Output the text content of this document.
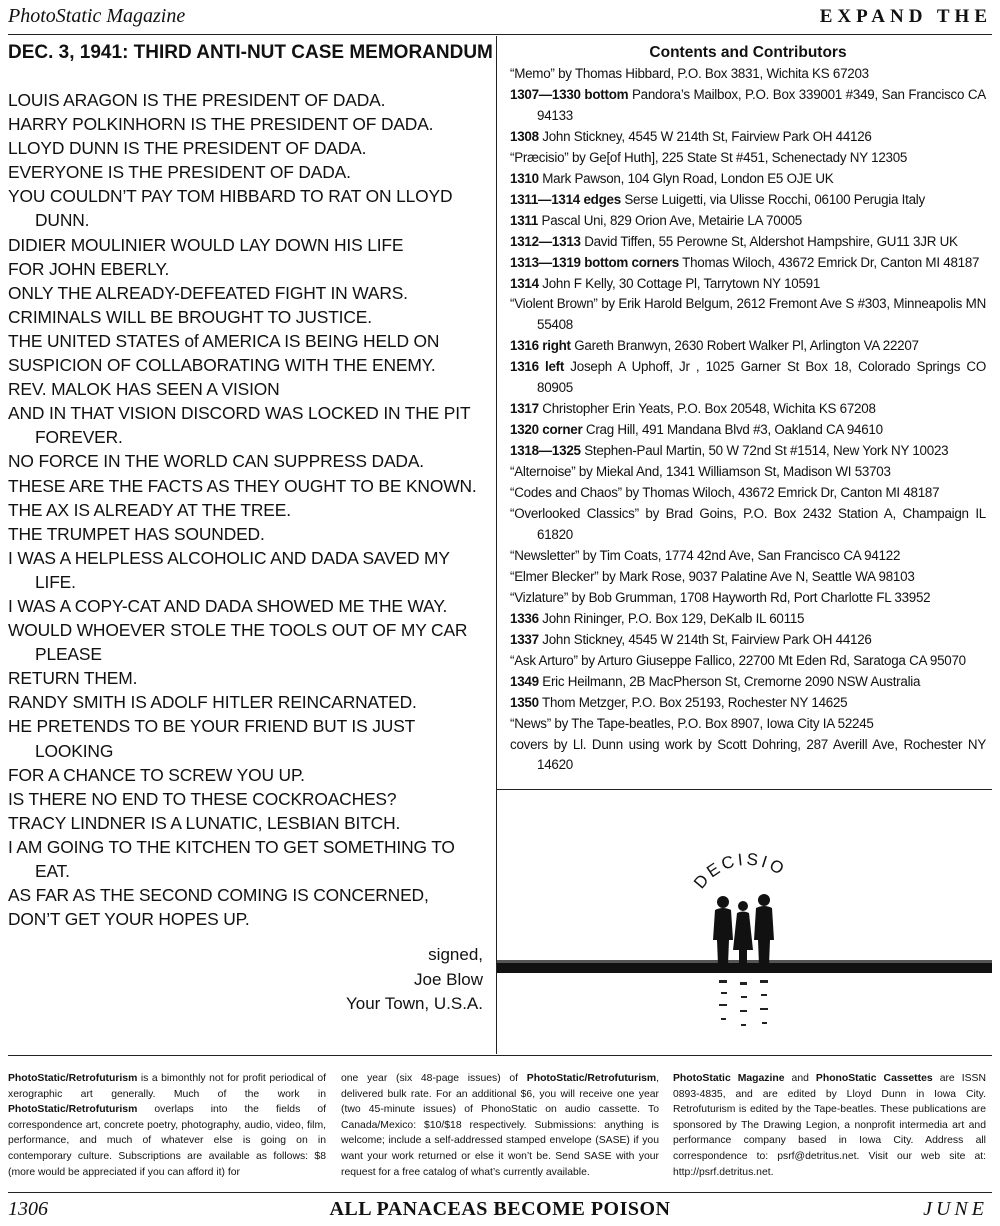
PhotoStatic Magazine	EXPAND THE
DEC. 3, 1941: THIRD ANTI-NUT CASE MEMORANDUM
LOUIS ARAGON IS THE PRESIDENT OF DADA.
HARRY POLKINHORN IS THE PRESIDENT OF DADA.
LLOYD DUNN IS THE PRESIDENT OF DADA.
EVERYONE IS THE PRESIDENT OF DADA.
YOU COULDN’T PAY TOM HIBBARD TO RAT ON LLOYD DUNN.
DIDIER MOULINIER WOULD LAY DOWN HIS LIFE
FOR JOHN EBERLY.
ONLY THE ALREADY-DEFEATED FIGHT IN WARS.
CRIMINALS WILL BE BROUGHT TO JUSTICE.
THE UNITED STATES of AMERICA IS BEING HELD ON
SUSPICION OF COLLABORATING WITH THE ENEMY.
REV. MALOK HAS SEEN A VISION
AND IN THAT VISION DISCORD WAS LOCKED IN THE PIT FOREVER.
NO FORCE IN THE WORLD CAN SUPPRESS DADA.
THESE ARE THE FACTS AS THEY OUGHT TO BE KNOWN.
THE AX IS ALREADY AT THE TREE.
THE TRUMPET HAS SOUNDED.
I WAS A HELPLESS ALCOHOLIC AND DADA SAVED MY LIFE.
I WAS A COPY-CAT AND DADA SHOWED ME THE WAY.
WOULD WHOEVER STOLE THE TOOLS OUT OF MY CAR PLEASE
RETURN THEM.
RANDY SMITH IS ADOLF HITLER REINCARNATED.
HE PRETENDS TO BE YOUR FRIEND BUT IS JUST LOOKING
FOR A CHANCE TO SCREW YOU UP.
IS THERE NO END TO THESE COCKROACHES?
TRACY LINDNER IS A LUNATIC, LESBIAN BITCH.
I AM GOING TO THE KITCHEN TO GET SOMETHING TO EAT.
AS FAR AS THE SECOND COMING IS CONCERNED,
DON’T GET YOUR HOPES UP.
signed,
Joe Blow
Your Town, U.S.A.
Contents and Contributors
“Memo” by Thomas Hibbard, P.O. Box 3831, Wichita KS 67203
1307—1330 bottom Pandora’s Mailbox, P.O. Box 339001 #349, San Francisco CA 94133
1308 John Stickney, 4545 W 214th St, Fairview Park OH 44126
“Præcisio” by Ge[of Huth], 225 State St #451, Schenectady NY 12305
1310 Mark Pawson, 104 Glyn Road, London E5 OJE UK
1311—1314 edges Serse Luigetti, via Ulisse Rocchi, 06100 Perugia Italy
1311 Pascal Uni, 829 Orion Ave, Metairie LA 70005
1312—1313 David Tiffen, 55 Perowne St, Aldershot Hampshire, GU11 3JR UK
1313—1319 bottom corners Thomas Wiloch, 43672 Emrick Dr, Canton MI 48187
1314 John F Kelly, 30 Cottage Pl, Tarrytown NY 10591
“Violent Brown” by Erik Harold Belgum, 2612 Fremont Ave S #303, Minneapolis MN 55408
1316 right Gareth Branwyn, 2630 Robert Walker Pl, Arlington VA 22207
1316 left Joseph A Uphoff, Jr , 1025 Garner St Box 18, Colorado Springs CO 80905
1317 Christopher Erin Yeats, P.O. Box 20548, Wichita KS 67208
1320 corner Crag Hill, 491 Mandana Blvd #3, Oakland CA 94610
1318—1325 Stephen-Paul Martin, 50 W 72nd St #1514, New York NY 10023
“Alternoise” by Miekal And, 1341 Williamson St, Madison WI 53703
“Codes and Chaos” by Thomas Wiloch, 43672 Emrick Dr, Canton MI 48187
“Overlooked Classics” by Brad Goins, P.O. Box 2432 Station A, Champaign IL 61820
“Newsletter” by Tim Coats, 1774 42nd Ave, San Francisco CA 94122
“Elmer Blecker” by Mark Rose, 9037 Palatine Ave N, Seattle WA 98103
“Vizlature” by Bob Grumman, 1708 Hayworth Rd, Port Charlotte FL 33952
1336 John Rininger, P.O. Box 129, DeKalb IL 60115
1337 John Stickney, 4545 W 214th St, Fairview Park OH 44126
“Ask Arturo” by Arturo Giuseppe Fallico, 22700 Mt Eden Rd, Saratoga CA 95070
1349 Eric Heilmann, 2B MacPherson St, Cremorne 2090 NSW Australia
1350 Thom Metzger, P.O. Box 25193, Rochester NY 14625
“News” by The Tape-beatles, P.O. Box 8907, Iowa City IA 52245
covers by Ll. Dunn using work by Scott Dohring, 287 Averill Ave, Rochester NY 14620
DECISIO
PhotoStatic/Retrofuturism is a bimonthly not for profit periodical of xerographic art generally. Much of the work in PhotoStatic/Retrofuturism overlaps into the fields of correspondence art, concrete poetry, photography, audio, video, film, performance, and much of whatever else is going on in contemporary culture. Subscriptions are available as follows: $8 (more would be appreciated if you can afford it) for
one year (six 48-page issues) of PhotoStatic/Retrofuturism, delivered bulk rate. For an additional $6, you will receive one year (two 45-minute issues) of PhonoStatic on audio cassette. To Canada/Mexico: $10/$18 respectively. Submissions: anything is welcome; include a self-addressed stamped envelope (SASE) if you want your work returned or else it won’t be. Send SASE with your request for a free catalog of what’s currently available.
PhotoStatic Magazine and PhonoStatic Cassettes are ISSN 0893-4835, and are edited by Lloyd Dunn in Iowa City. Retrofuturism is edited by the Tape-beatles. These publications are sponsored by The Drawing Legion, a nonprofit intermedia art and performance company based in Iowa City. Address all correspondence to: psrf@detritus.net. Visit our web site at: http://psrf.detritus.net.
1306	ALL PANACEAS BECOME POISON	JUNE
